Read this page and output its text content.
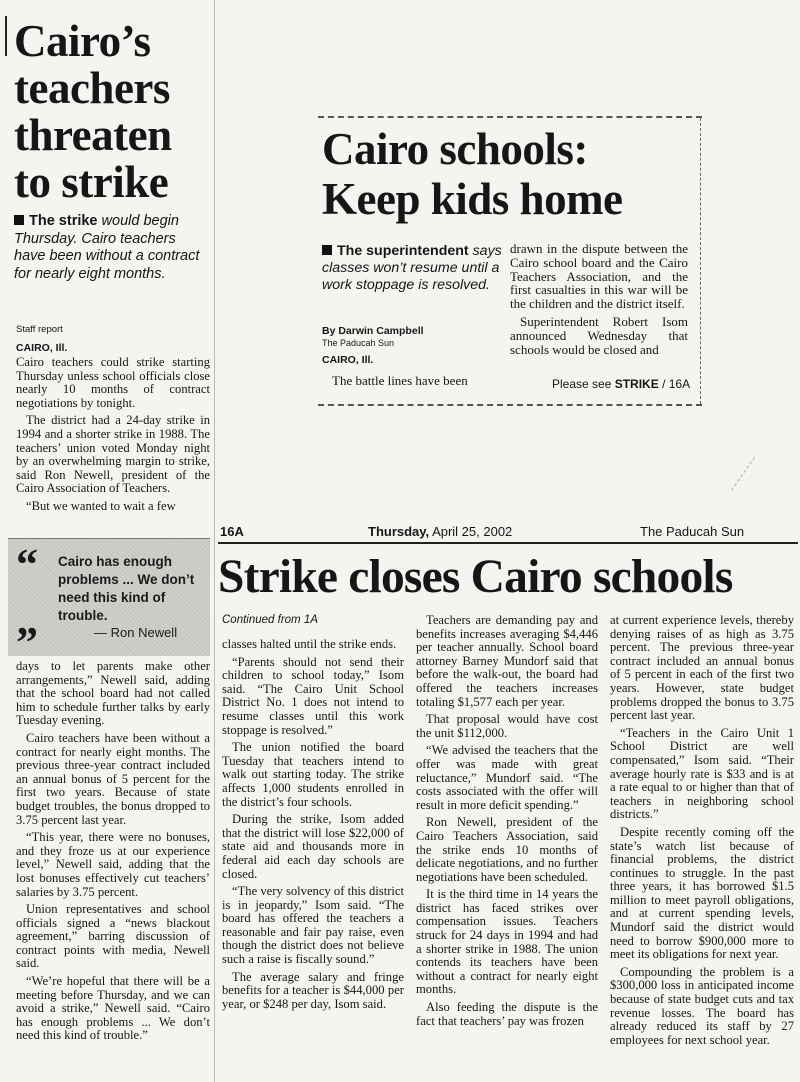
Cairo’s teachers threaten to strike
The strike would begin Thursday. Cairo teachers have been without a contract for nearly eight months.
Staff report
CAIRO, Ill.

Cairo teachers could strike starting Thursday unless school officials close nearly 10 months of contract negotiations by tonight.

The district had a 24-day strike in 1994 and a shorter strike in 1988. The teachers’ union voted Monday night by an overwhelming margin to strike, said Ron Newell, president of the Cairo Association of Teachers.

“But we wanted to wait a few

“ Cairo has enough problems ... We don’t need this kind of trouble.
— Ron Newell
”

days to let parents make other arrangements,” Newell said, adding that the school board had not called him to schedule further talks by early Tuesday evening.

Cairo teachers have been without a contract for nearly eight months. The previous three-year contract included an annual bonus of 5 percent for the first two years. Because of state budget troubles, the bonus dropped to 3.75 percent last year.

“This year, there were no bonuses, and they froze us at our experience level,” Newell said, adding that the lost bonuses effectively cut teachers’ salaries by 3.75 percent.

Union representatives and school officials signed a “news blackout agreement,” barring discussion of contract points with media, Newell said.

“We’re hopeful that there will be a meeting before Thursday, and we can avoid a strike,” Newell said. “Cairo has enough problems ... We don’t need this kind of trouble.”

Cairo schools: Keep kids home
The superintendent says classes won’t resume until a work stoppage is resolved.
By Darwin Campbell
The Paducah Sun
CAIRO, Ill.

The battle lines have been

drawn in the dispute between the Cairo school board and the Cairo Teachers Association, and the first casualties in this war will be the children and the district itself.

Superintendent Robert Isom announced Wednesday that schools would be closed and

Please see STRIKE / 16A
16A	Thursday, April 25, 2002	The Paducah Sun
Strike closes Cairo schools
Continued from 1A

classes halted until the strike ends.

“Parents should not send their children to school today,” Isom said. “The Cairo Unit School District No. 1 does not intend to resume classes until this work stoppage is resolved.”

The union notified the board Tuesday that teachers intend to walk out starting today. The strike affects 1,000 students enrolled in the district’s four schools.

During the strike, Isom added that the district will lose $22,000 of state aid and thousands more in federal aid each day schools are closed.

“The very solvency of this district is in jeopardy,” Isom said. “The board has offered the teachers a reasonable and fair pay raise, even though the district does not believe such a raise is fiscally sound.”

The average salary and fringe benefits for a teacher is $44,000 per year, or $248 per day, Isom said.

Teachers are demanding pay and benefits increases averaging $4,446 per teacher annually. School board attorney Barney Mundorf said that before the walk-out, the board had offered the teachers increases totaling $1,577 each per year.

That proposal would have cost the unit $112,000.

“We advised the teachers that the offer was made with great reluctance,” Mundorf said. “The costs associated with the offer will result in more deficit spending.”

Ron Newell, president of the Cairo Teachers Association, said the strike ends 10 months of delicate negotiations, and no further negotiations have been scheduled.

It is the third time in 14 years the district has faced strikes over compensation issues. Teachers struck for 24 days in 1994 and had a shorter strike in 1988. The union contends its teachers have been without a contract for nearly eight months.

Also feeding the dispute is the fact that teachers’ pay was frozen

at current experience levels, thereby denying raises of as high as 3.75 percent. The previous three-year contract included an annual bonus of 5 percent in each of the first two years. However, state budget problems dropped the bonus to 3.75 percent last year.

“Teachers in the Cairo Unit 1 School District are well compensated,” Isom said. “Their average hourly rate is $33 and is at a rate equal to or higher than that of teachers in neighboring school districts.”

Despite recently coming off the state’s watch list because of financial problems, the district continues to struggle. In the past three years, it has borrowed $1.5 million to meet payroll obligations, and at current spending levels, Mundorf said the district would need to borrow $900,000 more to meet its obligations for next year.

Compounding the problem is a $300,000 loss in anticipated income because of state budget cuts and tax revenue losses. The board has already reduced its staff by 27 employees for next school year.
